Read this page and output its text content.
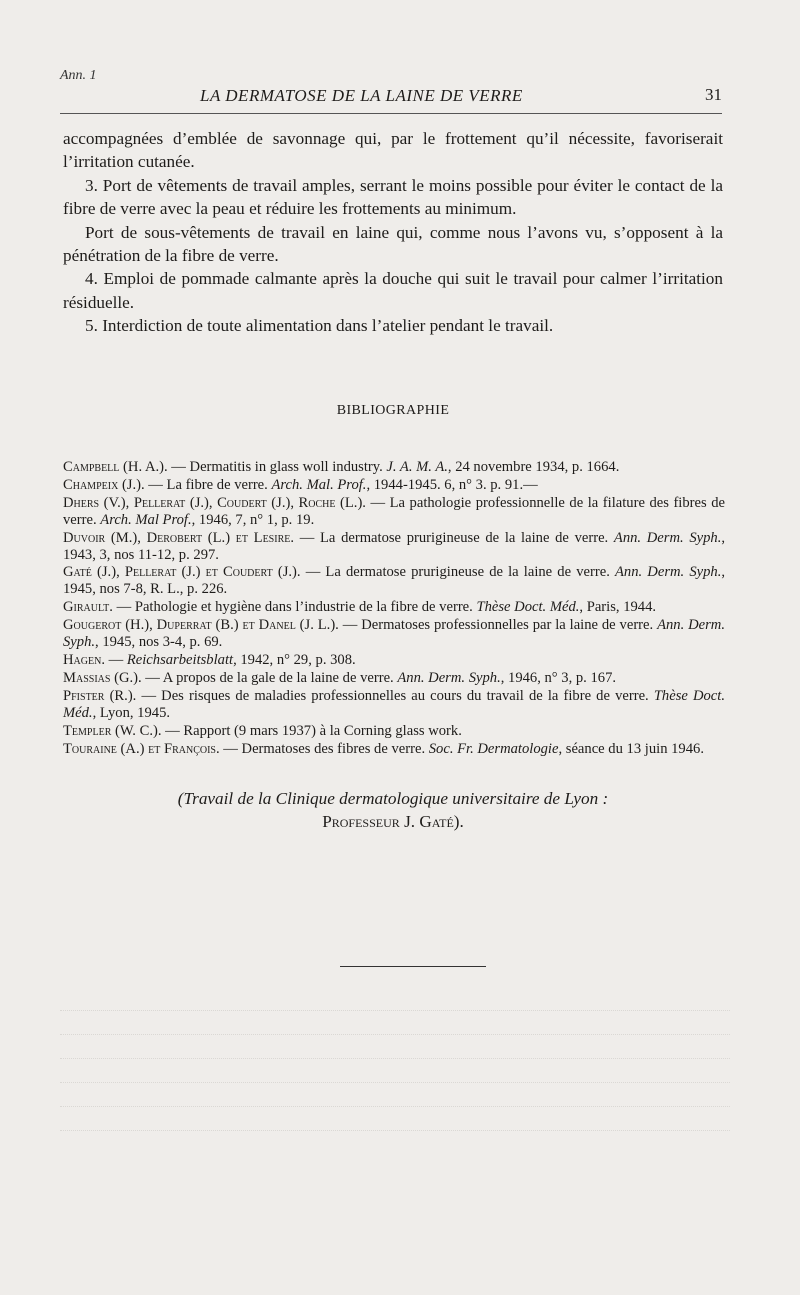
Ann. 1
LA DERMATOSE DE LA LAINE DE VERRE	31

accompagnées d’emblée de savonnage qui, par le frottement qu’il nécessite, favoriserait l’irritation cutanée.

3. Port de vêtements de travail amples, serrant le moins possible pour éviter le contact de la fibre de verre avec la peau et réduire les frottements au minimum.

Port de sous-vêtements de travail en laine qui, comme nous l’avons vu, s’opposent à la pénétration de la fibre de verre.

4. Emploi de pommade calmante après la douche qui suit le travail pour calmer l’irritation résiduelle.

5. Interdiction de toute alimentation dans l’atelier pendant le travail.

BIBLIOGRAPHIE

Campbell (H. A.). — Dermatitis in glass woll industry. J. A. M. A., 24 novembre 1934, p. 1664.

Champeix (J.). — La fibre de verre. Arch. Mal. Prof., 1944-1945. 6, n° 3. p. 91.—

Dhers (V.), Pellerat (J.), Coudert (J.), Roche (L.). — La pathologie professionnelle de la filature des fibres de verre. Arch. Mal Prof., 1946, 7, n° 1, p. 19.

Duvoir (M.), Derobert (L.) et Lesire. — La dermatose prurigineuse de la laine de verre. Ann. Derm. Syph., 1943, 3, nos 11-12, p. 297.

Gaté (J.), Pellerat (J.) et Coudert (J.). — La dermatose prurigineuse de la laine de verre. Ann. Derm. Syph., 1945, nos 7-8, R. L., p. 226.

Girault. — Pathologie et hygiène dans l’industrie de la fibre de verre. Thèse Doct. Méd., Paris, 1944.

Gougerot (H.), Duperrat (B.) et Danel (J. L.). — Dermatoses professionnelles par la laine de verre. Ann. Derm. Syph., 1945, nos 3-4, p. 69.

Hagen. — Reichsarbeitsblatt, 1942, n° 29, p. 308.

Massias (G.). — A propos de la gale de la laine de verre. Ann. Derm. Syph., 1946, n° 3, p. 167.

Pfister (R.). — Des risques de maladies professionnelles au cours du travail de la fibre de verre. Thèse Doct. Méd., Lyon, 1945.

Templer (W. C.). — Rapport (9 mars 1937) à la Corning glass work.

Touraine (A.) et François. — Dermatoses des fibres de verre. Soc. Fr. Dermatologie, séance du 13 juin 1946.

(Travail de la Clinique dermatologique universitaire de Lyon :

Professeur J. Gaté).
